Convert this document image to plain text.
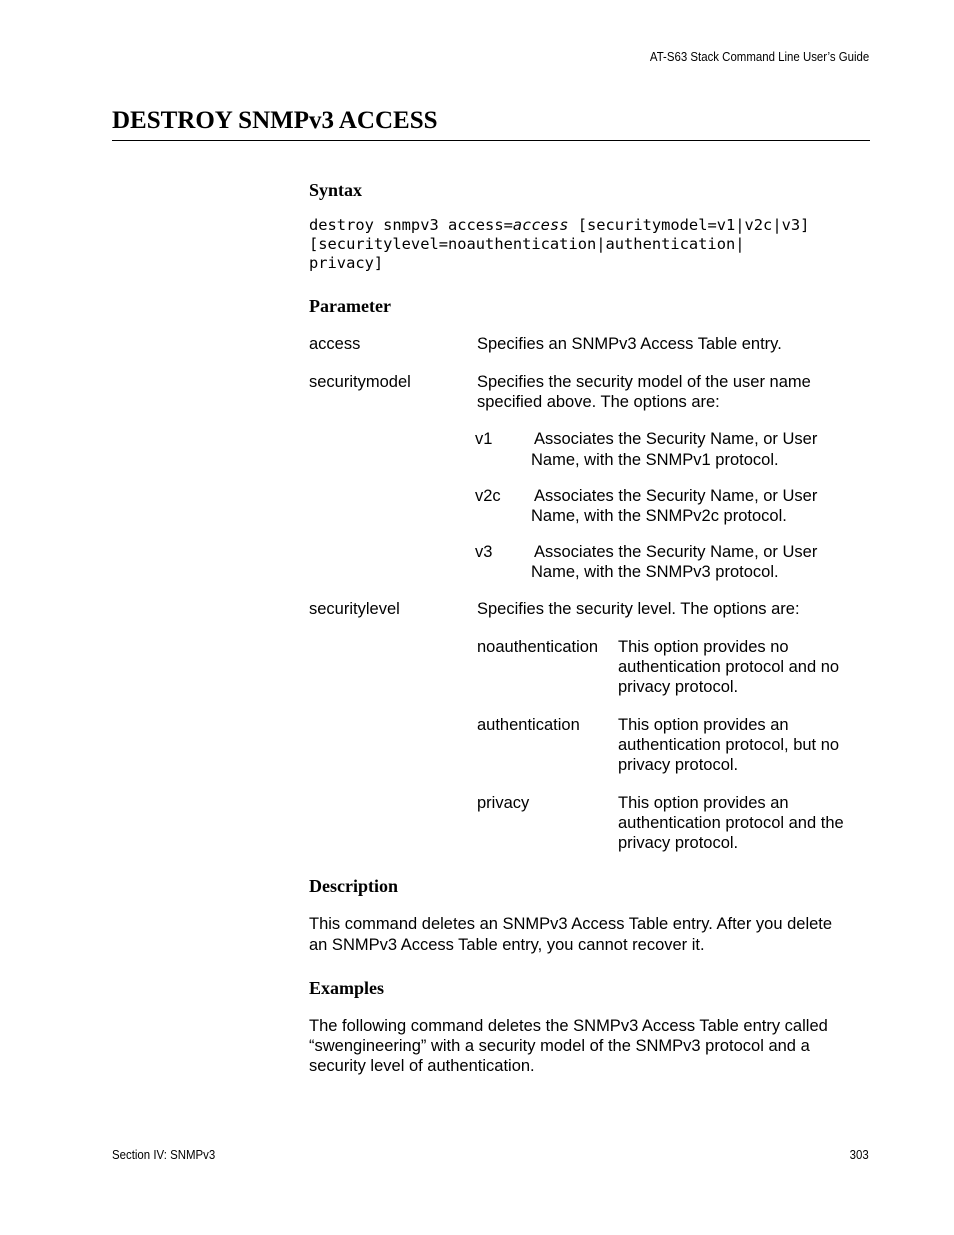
AT-S63 Stack Command Line User’s Guide
DESTROY SNMPv3 ACCESS
Syntax
destroy snmpv3 access=access [securitymodel=v1|v2c|v3]
[securitylevel=noauthentication|authentication|
privacy]
Parameter
access	Specifies an SNMPv3 Access Table entry.
securitymodel	Specifies the security model of the user name
specified above. The options are:
v1	Associates the Security Name, or User
Name, with the SNMPv1 protocol.
v2c Associates the Security Name, or User
Name, with the SNMPv2c protocol.
v3	Associates the Security Name, or User
Name, with the SNMPv3 protocol.
securitylevel	Specifies the security level. The options are:
noauthentication This option provides no
authentication protocol and no
privacy protocol.
authentication This option provides an
authentication protocol, but no
privacy protocol.
privacy	This option provides an
authentication protocol and the
privacy protocol.
Description
This command deletes an SNMPv3 Access Table entry. After you delete
an SNMPv3 Access Table entry, you cannot recover it.
Examples
The following command deletes the SNMPv3 Access Table entry called
“swengineering” with a security model of the SNMPv3 protocol and a
security level of authentication.
Section IV: SNMPv3	303
